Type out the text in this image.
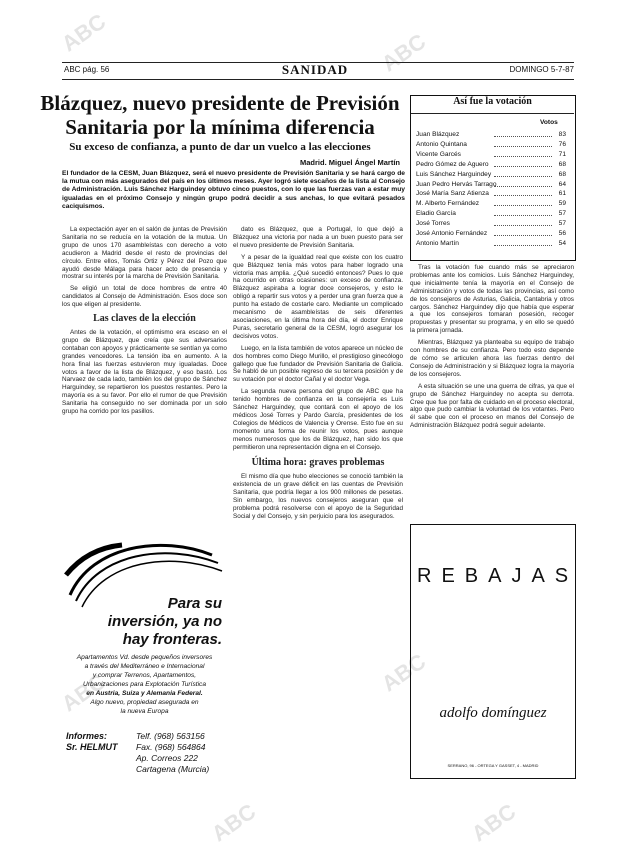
ABC pág. 56	SANIDAD	DOMINGO 5-7-87
Blázquez, nuevo presidente de Previsión
Sanitaria por la mínima diferencia
Su exceso de confianza, a punto de dar un vuelco a las elecciones
Madrid. Miguel Ángel Martín
El fundador de la CESM, Juan Blázquez, será el nuevo presidente de Previsión Sanitaria y se hará cargo de la mutua con más asegurados del país en los últimos meses. Ayer logró siete escaños de la lista al Consejo de Administración. Luis Sánchez Harguindey obtuvo cinco puestos, con lo que las fuerzas van a estar muy igualadas en el próximo Consejo y ningún grupo podrá decidir a sus anchas, lo que evitará pesados caciquismos.

La expectación ayer en el salón de juntas de Previsión Sanitaria no se reducía en la votación de la mutua. Un grupo de unos 170 asambleístas con derecho a voto acudieron a Madrid desde el resto de provincias del círculo. Entre ellos, Tomás Ortiz y Pérez del Pozo que ayudó desde Málaga para hacer acto de presencia y mostrar su interés por la marcha de Previsión Sanitaria.

Se eligió un total de doce hombres de entre 40 candidatos al Consejo de Administración. Esos doce son los que eligen al presidente.

Las claves de la elección

Antes de la votación, el optimismo era escaso en el grupo de Blázquez, que creía que sus adversarios contaban con apoyos y prácticamente se sentían ya como grandes vencedores. La tensión iba en aumento. A la hora final las fuerzas estuvieron muy igualadas. Doce votos a favor de la lista de Blázquez, y eso bastó. Los Narvaez de cada lado, también los del grupo de Sánchez Harguindey, se repartieron los puestos restantes. Pero la mayoría es a su favor. Por ello el rumor de que Previsión Sanitaria ha conseguido no ser dominada por un solo grupo ha corrido por los pasillos.

dato es Blázquez, que a Portugal, lo que dejó a Blázquez una victoria por nada a un buen puesto para ser el nuevo presidente de Previsión Sanitaria.

Y a pesar de la igualdad real que existe con los cuatro que Blázquez tenía más votos para haber logrado una victoria mas amplia. ¿Qué sucedió entonces? Pues lo que ha ocurrido en otras ocasiones: un exceso de confianza. Blázquez aspiraba a lograr doce consejeros, y esto le obligó a repartir sus votos y a perder una gran fuerza que a punto ha estado de costarle caro. Mediante un complicado mecanismo de asambleístas de seis diferentes asociaciones, en la última hora del día, el doctor Enrique Puras, secretario general de la CESM, logró asegurar los decisivos votos.

Luego, en la lista también de votos aparece un núcleo de dos hombres como Diego Murillo, el prestigioso ginecólogo gallego que fue fundador de Previsión Sanitaria de Galicia. Se habló de un posible regreso de su tercera posición y de su votación por el doctor Cañal y el doctor Vega.

La segunda nueva persona del grupo de ABC que ha tenido hombres de confianza en la consejería es Luis Sánchez Harguindey, que contará con el apoyo de los médicos José Torres y Pardo García, presidentes de los Colegios de Médicos de Valencia y Orense. Esto fue en su momento una forma de reunir los votos, pues aunque menos numerosos que los de Blázquez, han sido los que permitieron una representación digna en el Consejo.

Última hora: graves problemas

El mismo día que hubo elecciones se conoció también la existencia de un grave déficit en las cuentas de Previsión Sanitaria, que podría llegar a los 900 millones de pesetas. Sin embargo, los nuevos consejeros aseguran que el problema podrá resolverse con el apoyo de la Seguridad Social y del Consejo, y sin perjuicio para los asegurados.

Tras la votación fue cuando más se apreciaron problemas ante los comicios. Luis Sánchez Harguindey, que inicialmente tenía la mayoría en el Consejo de Administración y votos de todas las provincias, así como de los consejeros de Asturias, Galicia, Cantabria y otros cargos. Sánchez Harguindey dijo que había que esperar a que los consejeros tomaran posesión, recoger propuestas y presentar su programa, y en ello se quedó la primera jornada.

Mientras, Blázquez ya planteaba su equipo de trabajo con hombres de su confianza. Pero todo esto depende de cómo se articulen ahora las fuerzas dentro del Consejo de Administración y si Blázquez logra la mayoría de los consejeros.

A esta situación se une una guerra de cifras, ya que el grupo de Sánchez Harguindey no acepta su derrota. Cree que fue por falta de cuidado en el proceso electoral, algo que pudo cambiar la voluntad de los votantes. Pero él sabe que con el proceso en manos del Consejo de Administración Blázquez podrá seguir adelante.

Así fue la votación
Votos
Juan Blázquez	83
Antonio Quintana	76
Vicente Garcés	71
Pedro Gómez de Aguero	68
Luis Sánchez Harguindey	68
Juan Pedro Hervás Tarrago	64
José María Sanz Atienza	61
M. Alberto Fernández	59
Eladio García	57
José Torres	57
José Antonio Fernández	56
Antonio Martín	54
Para su
inversión, ya no
hay fronteras.
Apartamentos Vd. desde pequeños inversores
a través del Mediterráneo e Internacional
y comprar Terrenos, Apartamentos,
Urbanizaciones para Explotación Turística
en Austria, Suiza y Alemania Federal.
Algo nuevo, propiedad asegurada en
la nueva Europa
Informes:
Sr. HELMUT
Telf. (968) 563156
Fax. (968) 564864
Ap. Correos 222
Cartagena (Murcia)
REBAJAS
adolfo domínguez
SERRANO, 96 - ORTEGA Y GASSET, 4 - MADRID
ABC	ABC
ABC
ABC
ABC
ABC
